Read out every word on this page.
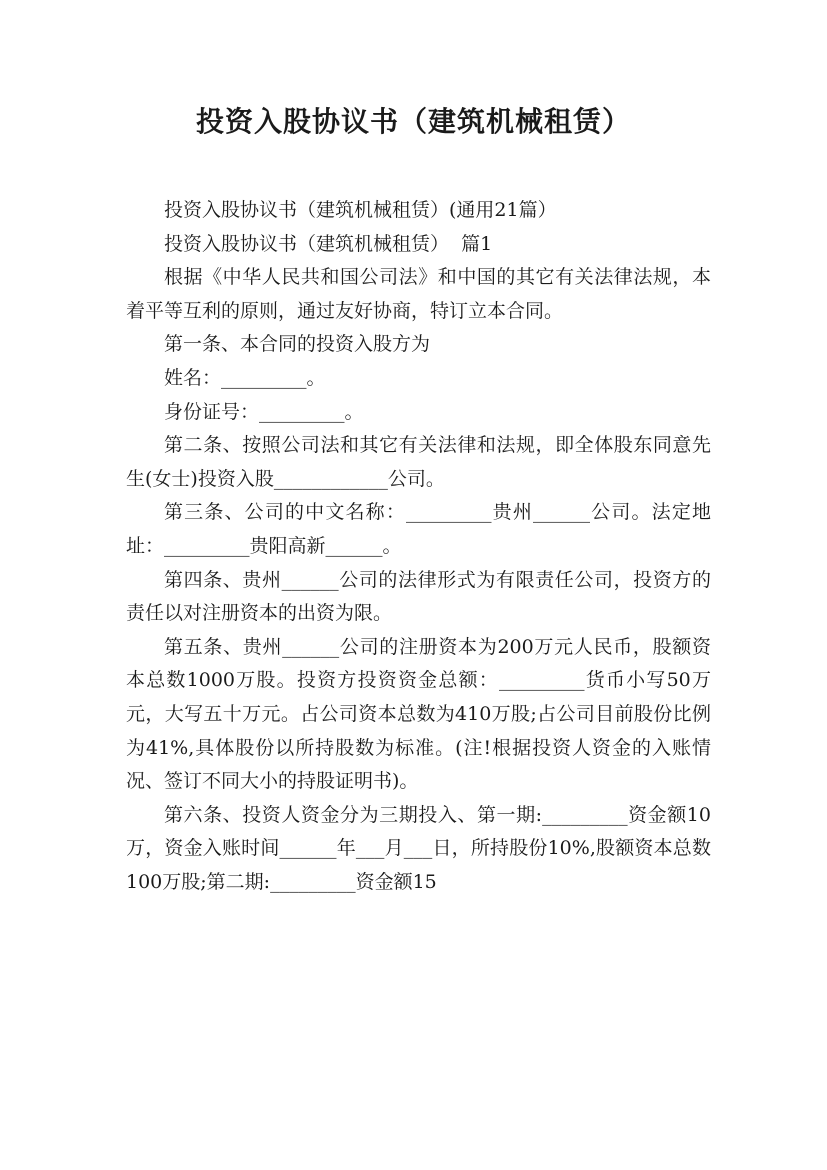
投资入股协议书（建筑机械租赁）

投资入股协议书（建筑机械租赁）(通用21篇）

投资入股协议书（建筑机械租赁）  篇1

根据《中华人民共和国公司法》和中国的其它有关法律法规，本着平等互利的原则，通过友好协商，特订立本合同。

第一条、本合同的投资入股方为

姓名：_________。

身份证号：_________。

第二条、按照公司法和其它有关法律和法规，即全体股东同意先生(女士)投资入股____________公司。

第三条、公司的中文名称：_________贵州______公司。法定地址：_________贵阳高新______。

第四条、贵州______公司的法律形式为有限责任公司，投资方的责任以对注册资本的出资为限。

第五条、贵州______公司的注册资本为200万元人民币，股额资本总数1000万股。投资方投资资金总额：_________货币小写50万元，大写五十万元。占公司资本总数为410万股;占公司目前股份比例为41%,具体股份以所持股数为标准。(注!根据投资人资金的入账情况、签订不同大小的持股证明书)。

第六条、投资人资金分为三期投入、第一期:_________资金额10万，资金入账时间______年___月___日，所持股份10%,股额资本总数100万股;第二期:_________资金额15
